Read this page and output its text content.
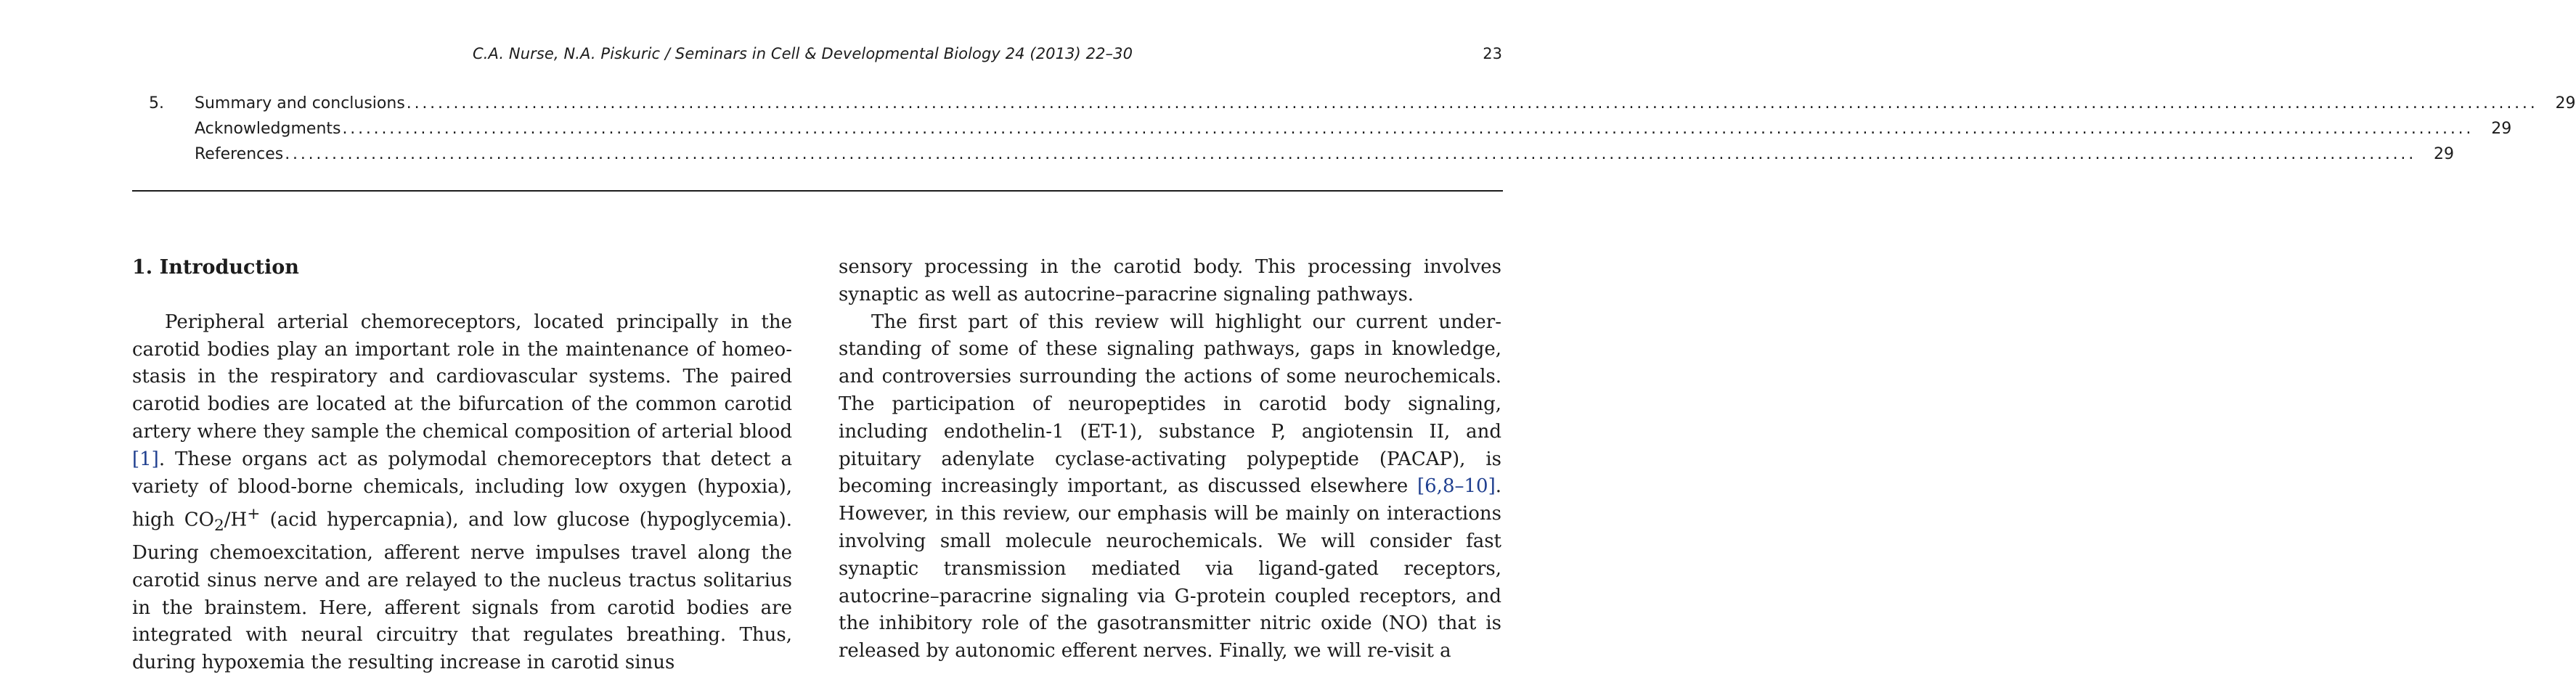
C.A. Nurse, N.A. Piskuric / Seminars in Cell & Developmental Biology 24 (2013) 22–30	23
5.	Summary and conclusions ................................................................................................................................................................................................................................................................................	29
Acknowledgments ................................................................................................................................................................................................................................................................................	29
References ................................................................................................................................................................................................................................................................................	29
1. Introduction

Peripheral arterial chemoreceptors, located principally in the carotid bodies play an important role in the maintenance of homeostasis in the respiratory and cardiovascular systems. The paired carotid bodies are located at the bifurcation of the common carotid artery where they sample the chemical composition of arterial blood [1]. These organs act as polymodal chemoreceptors that detect a variety of blood-borne chemicals, including low oxygen (hypoxia), high $CO_2/H^+$ (acid hypercapnia), and low glucose (hypoglycemia). During chemoexcitation, afferent nerve impulses travel along the carotid sinus nerve and are relayed to the nucleus tractus solitarius in the brainstem. Here, afferent signals from carotid bodies are integrated with neural circuitry that regulates breathing. Thus, during hypoxemia the resulting increase in carotid sinus

sensory processing in the carotid body. This processing involves synaptic as well as autocrine–paracrine signaling pathways.

The first part of this review will highlight our current understanding of some of these signaling pathways, gaps in knowledge, and controversies surrounding the actions of some neurochemicals. The participation of neuropeptides in carotid body signaling, including endothelin-1 (ET-1), substance P, angiotensin II, and pituitary adenylate cyclase-activating polypeptide (PACAP), is becoming increasingly important, as discussed elsewhere [6,8–10]. However, in this review, our emphasis will be mainly on interactions involving small molecule neurochemicals. We will consider fast synaptic transmission mediated via ligand-gated receptors, autocrine–paracrine signaling via G-protein coupled receptors, and the inhibitory role of the gasotransmitter nitric oxide (NO) that is released by autonomic efferent nerves. Finally, we will re-visit a
